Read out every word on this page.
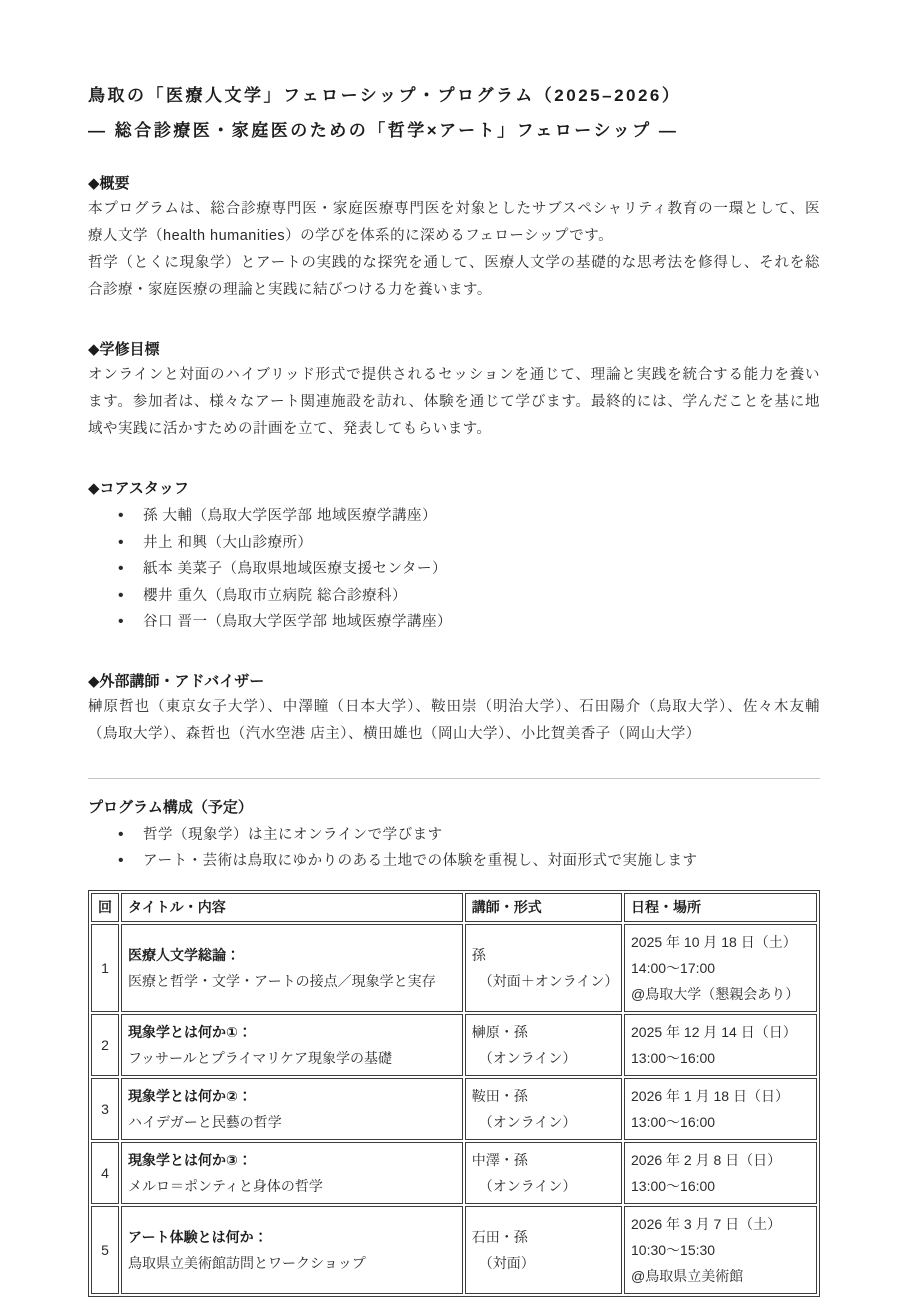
鳥取の「医療人文学」フェローシップ・プログラム（2025–2026）
― 総合診療医・家庭医のための「哲学×アート」フェローシップ ―
◆概要
本プログラムは、総合診療専門医・家庭医療専門医を対象としたサブスペシャリティ教育の一環として、医療人文学（health humanities）の学びを体系的に深めるフェローシップです。
哲学（とくに現象学）とアートの実践的な探究を通して、医療人文学の基礎的な思考法を修得し、それを総合診療・家庭医療の理論と実践に結びつける力を養います。
◆学修目標
オンラインと対面のハイブリッド形式で提供されるセッションを通じて、理論と実践を統合する能力を養います。参加者は、様々なアート関連施設を訪れ、体験を通じて学びます。最終的には、学んだことを基に地域や実践に活かすための計画を立て、発表してもらいます。
◆コアスタッフ
• 孫 大輔（鳥取大学医学部 地域医療学講座）
• 井上 和興（大山診療所）
• 紙本 美菜子（鳥取県地域医療支援センター）
• 櫻井 重久（鳥取市立病院 総合診療科）
• 谷口 晋一（鳥取大学医学部 地域医療学講座）
◆外部講師・アドバイザー
榊原哲也（東京女子大学）、中澤瞳（日本大学）、鞍田崇（明治大学）、石田陽介（鳥取大学）、佐々木友輔（鳥取大学）、森哲也（汽水空港 店主）、横田雄也（岡山大学）、小比賀美香子（岡山大学）
プログラム構成（予定）
• 哲学（現象学）は主にオンラインで学びます
• アート・芸術は鳥取にゆかりのある土地での体験を重視し、対面形式で実施します
回	タイトル・内容	講師・形式	日程・場所
1	医療人文学総論：
医療と哲学・文学・アートの接点／現象学と実存	孫
（対面＋オンライン）	2025 年 10 月 18 日（土）
14:00～17:00
@鳥取大学（懇親会あり）

2	現象学とは何か①：
フッサールとプライマリケア現象学の基礎	榊原・孫
（オンライン）	2025 年 12 月 14 日（日）
13:00～16:00

3	現象学とは何か②：
ハイデガーと民藝の哲学	鞍田・孫
（オンライン）	2026 年 1 月 18 日（日）
13:00～16:00

4	現象学とは何か③：
メルロ＝ポンティと身体の哲学	中澤・孫
（オンライン）	2026 年 2 月 8 日（日）
13:00～16:00

5	アート体験とは何か：
鳥取県立美術館訪問とワークショップ	石田・孫
（対面）	2026 年 3 月 7 日（土）
10:30～15:30
@鳥取県立美術館
